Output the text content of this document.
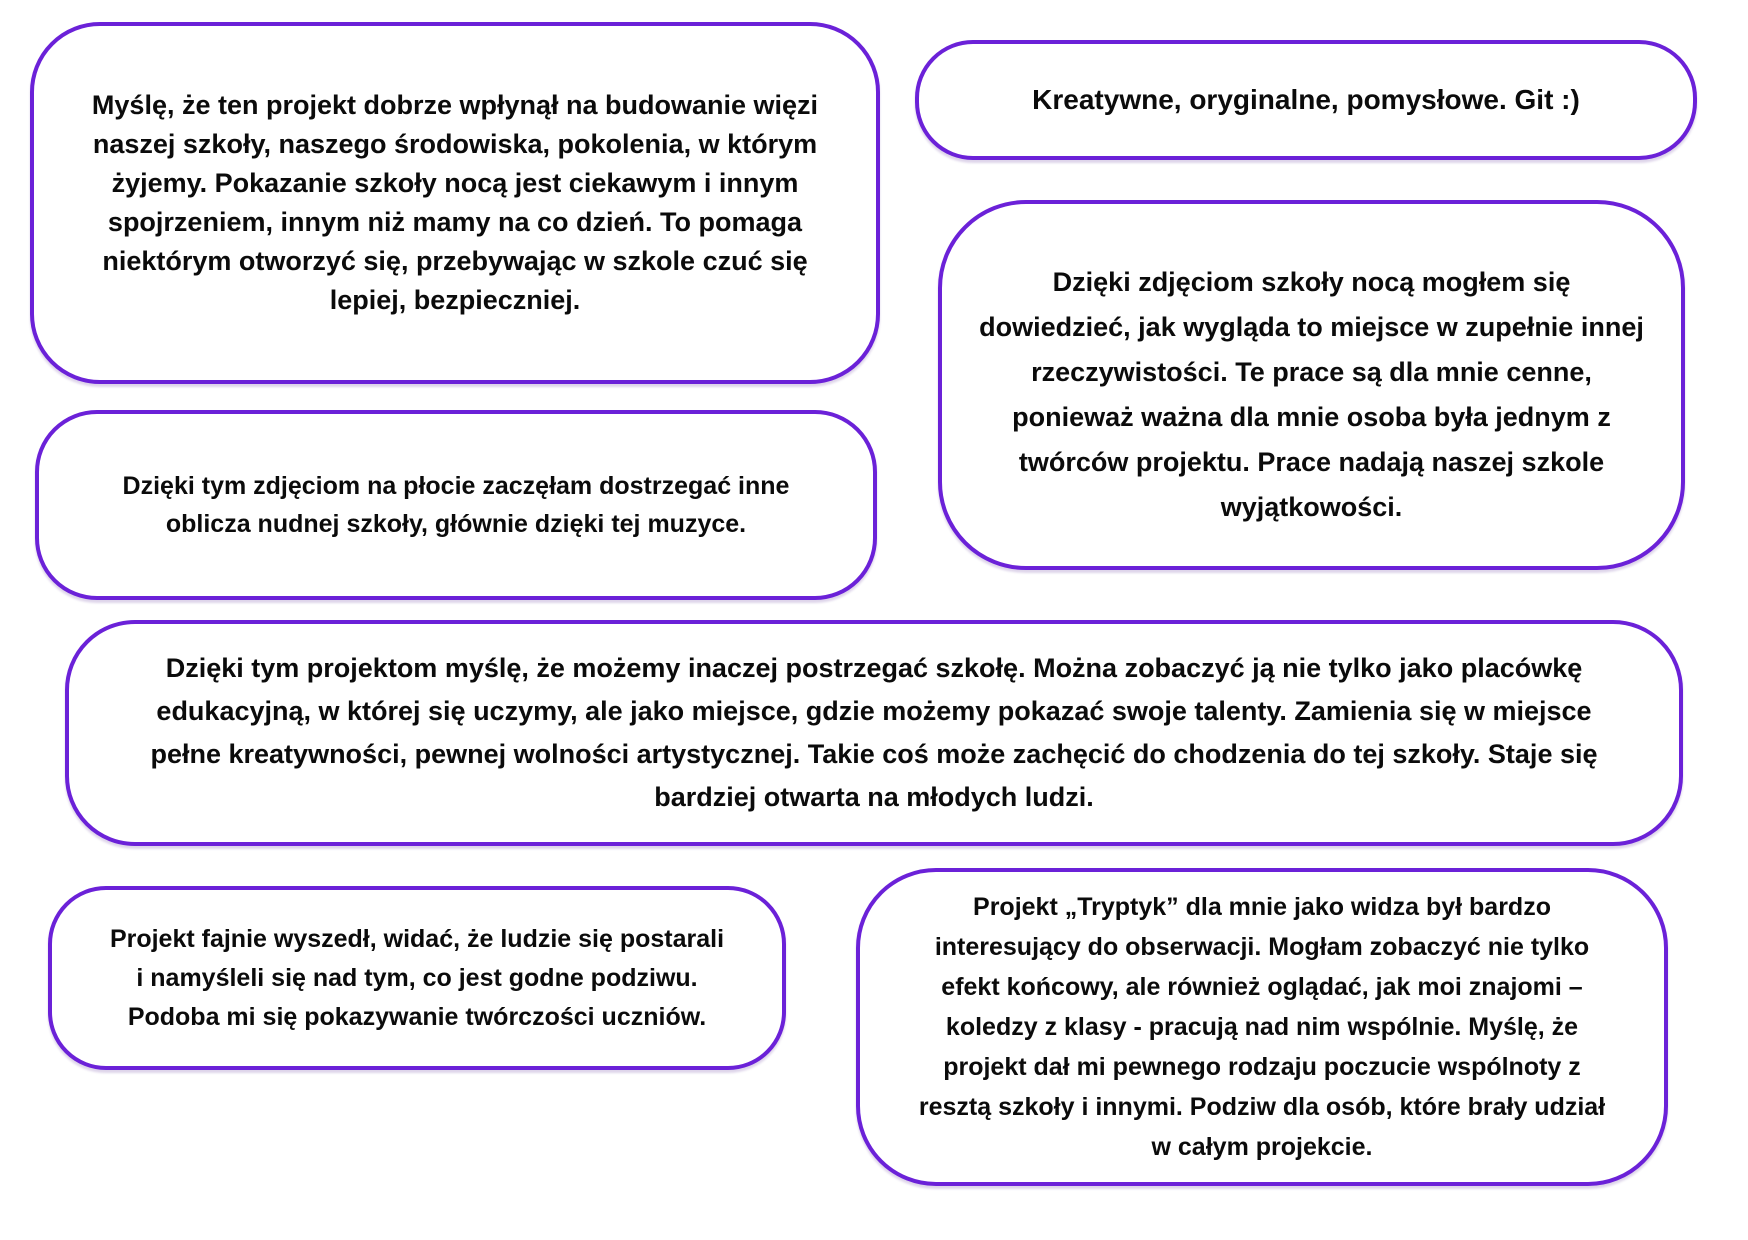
Myślę, że ten projekt dobrze wpłynął na budowanie więzi
naszej szkoły, naszego środowiska, pokolenia, w którym
żyjemy. Pokazanie szkoły nocą jest ciekawym i innym
spojrzeniem, innym niż mamy na co dzień. To pomaga
niektórym otworzyć się, przebywając w szkole czuć się
lepiej, bezpieczniej.
Kreatywne, oryginalne, pomysłowe. Git :)
Dzięki zdjęciom szkoły nocą mogłem się
dowiedzieć, jak wygląda to miejsce w zupełnie innej
rzeczywistości. Te prace są dla mnie cenne,
ponieważ ważna dla mnie osoba była jednym z
twórców projektu. Prace nadają naszej szkole
wyjątkowości.
Dzięki tym zdjęciom na płocie zaczęłam dostrzegać inne
oblicza nudnej szkoły, głównie dzięki tej muzyce.
Dzięki tym projektom myślę, że możemy inaczej postrzegać szkołę. Można zobaczyć ją nie tylko jako placówkę
edukacyjną, w której się uczymy, ale jako miejsce, gdzie możemy pokazać swoje talenty. Zamienia się w miejsce
pełne kreatywności, pewnej wolności artystycznej. Takie coś może zachęcić do chodzenia do tej szkoły. Staje się
bardziej otwarta na młodych ludzi.
Projekt fajnie wyszedł, widać, że ludzie się postarali
i namyśleli się nad tym, co jest godne podziwu.
Podoba mi się pokazywanie twórczości uczniów.
Projekt „Tryptyk” dla mnie jako widza był bardzo
interesujący do obserwacji. Mogłam zobaczyć nie tylko
efekt końcowy, ale również oglądać, jak moi znajomi –
koledzy z klasy - pracują nad nim wspólnie. Myślę, że
projekt dał mi pewnego rodzaju poczucie wspólnoty z
resztą szkoły i innymi. Podziw dla osób, które brały udział
w całym projekcie.
